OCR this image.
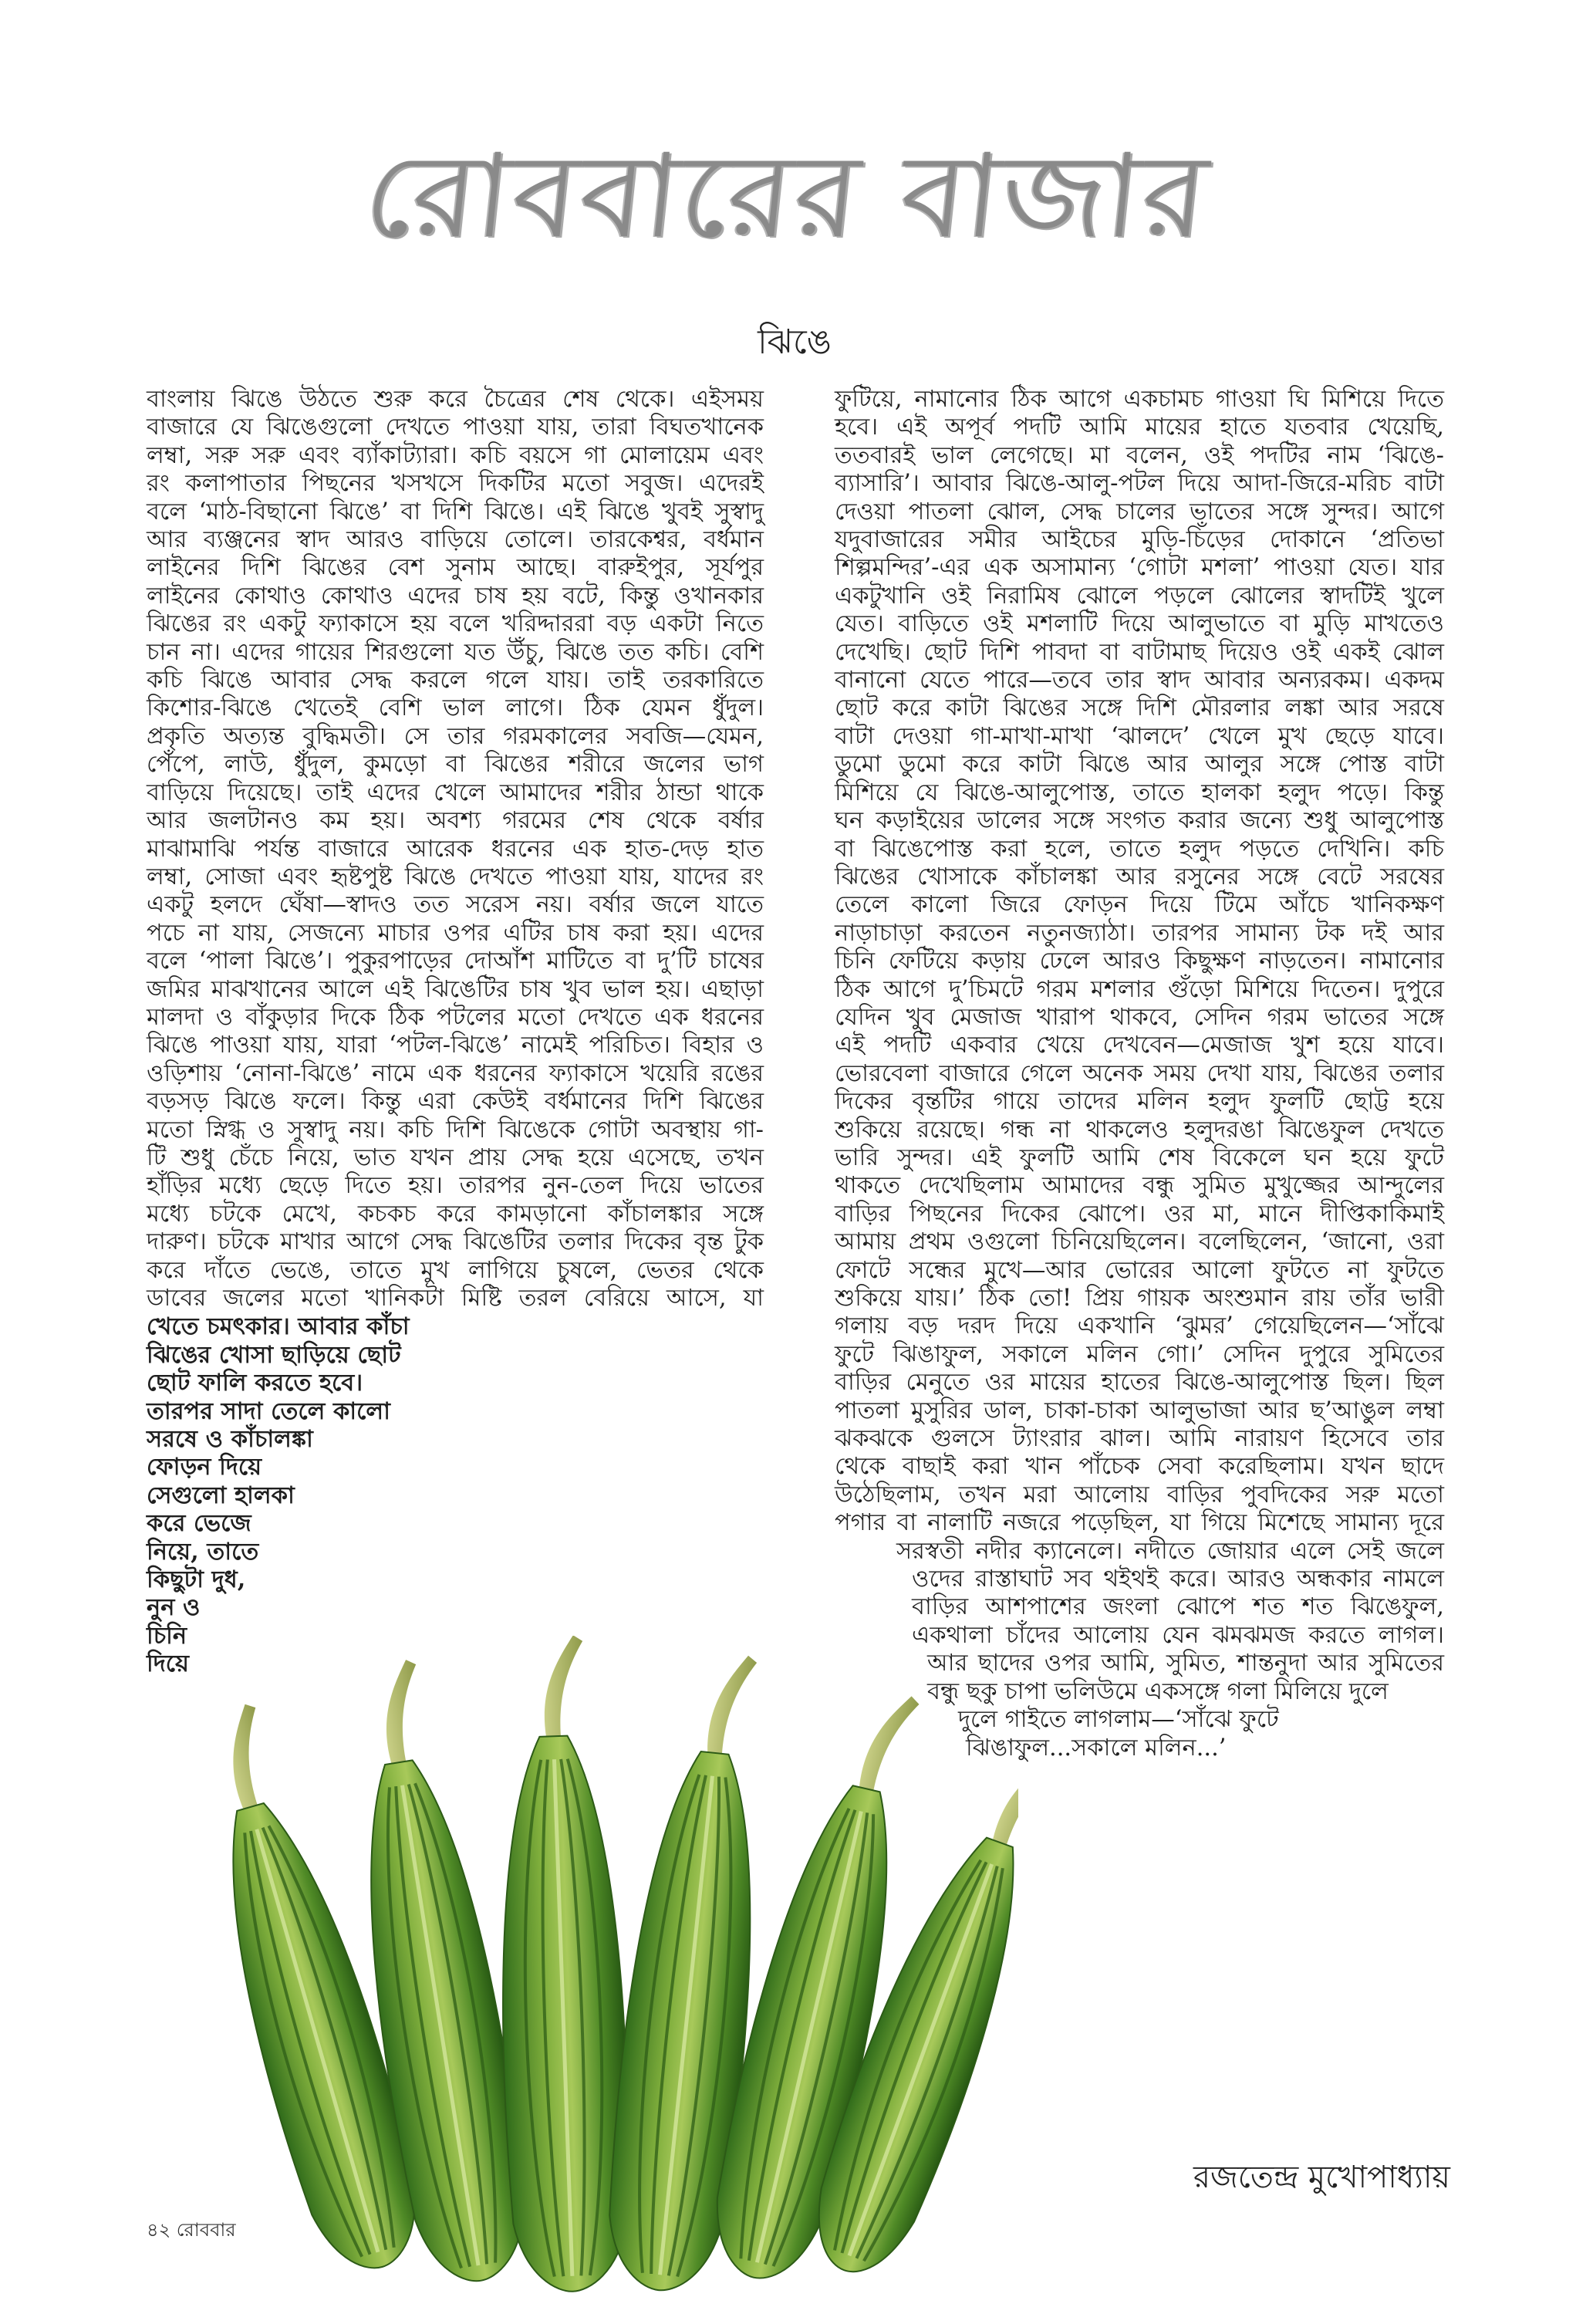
রোববারের বাজার
ঝিঙে

বাংলায় ঝিঙে উঠতে শুরু করে চৈত্রের শেষ থেকে। এইসময়

বাজারে যে ঝিঙেগুলো দেখতে পাওয়া যায়, তারা বিঘতখানেক

লম্বা, সরু সরু এবং ব্যাঁকাট্যারা। কচি বয়সে গা মোলায়েম এবং

রং কলাপাতার পিছনের খসখসে দিকটির মতো সবুজ। এদেরই

বলে ‘মাঠ-বিছানো ঝিঙে’ বা দিশি ঝিঙে। এই ঝিঙে খুবই সুস্বাদু

আর ব্যঞ্জনের স্বাদ আরও বাড়িয়ে তোলে। তারকেশ্বর, বর্ধমান

লাইনের দিশি ঝিঙের বেশ সুনাম আছে। বারুইপুর, সূর্যপুর

লাইনের কোথাও কোথাও এদের চাষ হয় বটে, কিন্তু ওখানকার

ঝিঙের রং একটু ফ্যাকাসে হয় বলে খরিদ্দাররা বড় একটা নিতে

চান না। এদের গায়ের শিরগুলো যত উঁচু, ঝিঙে তত কচি। বেশি

কচি ঝিঙে আবার সেদ্ধ করলে গলে যায়। তাই তরকারিতে

কিশোর-ঝিঙে খেতেই বেশি ভাল লাগে। ঠিক যেমন ধুঁদুল।

প্রকৃতি অত্যন্ত বুদ্ধিমতী। সে তার গরমকালের সবজি—যেমন,

পেঁপে, লাউ, ধুঁদুল, কুমড়ো বা ঝিঙের শরীরে জলের ভাগ

বাড়িয়ে দিয়েছে। তাই এদের খেলে আমাদের শরীর ঠান্ডা থাকে

আর জলটানও কম হয়। অবশ্য গরমের শেষ থেকে বর্ষার

মাঝামাঝি পর্যন্ত বাজারে আরেক ধরনের এক হাত-দেড় হাত

লম্বা, সোজা এবং হৃষ্টপুষ্ট ঝিঙে দেখতে পাওয়া যায়, যাদের রং

একটু হলদে ঘেঁষা—স্বাদও তত সরেস নয়। বর্ষার জলে যাতে

পচে না যায়, সেজন্যে মাচার ওপর এটির চাষ করা হয়। এদের

বলে ‘পালা ঝিঙে’। পুকুরপাড়ের দোআঁশ মাটিতে বা দু’টি চাষের

জমির মাঝখানের আলে এই ঝিঙেটির চাষ খুব ভাল হয়। এছাড়া

মালদা ও বাঁকুড়ার দিকে ঠিক পটলের মতো দেখতে এক ধরনের

ঝিঙে পাওয়া যায়, যারা ‘পটল-ঝিঙে’ নামেই পরিচিত। বিহার ও

ওড়িশায় ‘নোনা-ঝিঙে’ নামে এক ধরনের ফ্যাকাসে খয়েরি রঙের

বড়সড় ঝিঙে ফলে। কিন্তু এরা কেউই বর্ধমানের দিশি ঝিঙের

মতো স্নিগ্ধ ও সুস্বাদু নয়। কচি দিশি ঝিঙেকে গোটা অবস্থায় গা-

টি শুধু চেঁচে নিয়ে, ভাত যখন প্রায় সেদ্ধ হয়ে এসেছে, তখন

হাঁড়ির মধ্যে ছেড়ে দিতে হয়। তারপর নুন-তেল দিয়ে ভাতের

মধ্যে চটকে মেখে, কচকচ করে কামড়ানো কাঁচালঙ্কার সঙ্গে

দারুণ। চটকে মাখার আগে সেদ্ধ ঝিঙেটির তলার দিকের বৃন্ত টুক

করে দাঁতে ভেঙে, তাতে মুখ লাগিয়ে চুষলে, ভেতর থেকে

ডাবের জলের মতো খানিকটা মিষ্টি তরল বেরিয়ে আসে, যা

খেতে চমৎকার। আবার কাঁচা

ঝিঙের খোসা ছাড়িয়ে ছোট

ছোট ফালি করতে হবে।

তারপর সাদা তেলে কালো

সরষে ও কাঁচালঙ্কা

ফোড়ন দিয়ে

সেগুলো হালকা

করে ভেজে

নিয়ে, তাতে

কিছুটা দুধ,

নুন ও

চিনি

দিয়ে

ফুটিয়ে, নামানোর ঠিক আগে একচামচ গাওয়া ঘি মিশিয়ে দিতে

হবে। এই অপূর্ব পদটি আমি মায়ের হাতে যতবার খেয়েছি,

ততবারই ভাল লেগেছে। মা বলেন, ওই পদটির নাম ‘ঝিঙে-

ব্যাসারি’। আবার ঝিঙে-আলু-পটল দিয়ে আদা-জিরে-মরিচ বাটা

দেওয়া পাতলা ঝোল, সেদ্ধ চালের ভাতের সঙ্গে সুন্দর। আগে

যদুবাজারের সমীর আইচের মুড়ি-চিঁড়ের দোকানে ‘প্রতিভা

শিল্পমন্দির’-এর এক অসামান্য ‘গোটা মশলা’ পাওয়া যেত। যার

একটুখানি ওই নিরামিষ ঝোলে পড়লে ঝোলের স্বাদটিই খুলে

যেত। বাড়িতে ওই মশলাটি দিয়ে আলুভাতে বা মুড়ি মাখতেও

দেখেছি। ছোট দিশি পাবদা বা বাটামাছ দিয়েও ওই একই ঝোল

বানানো যেতে পারে—তবে তার স্বাদ আবার অন্যরকম। একদম

ছোট করে কাটা ঝিঙের সঙ্গে দিশি মৌরলার লঙ্কা আর সরষে

বাটা দেওয়া গা-মাখা-মাখা ‘ঝালদে’ খেলে মুখ ছেড়ে যাবে।

ডুমো ডুমো করে কাটা ঝিঙে আর আলুর সঙ্গে পোস্ত বাটা

মিশিয়ে যে ঝিঙে-আলুপোস্ত, তাতে হালকা হলুদ পড়ে। কিন্তু

ঘন কড়াইয়ের ডালের সঙ্গে সংগত করার জন্যে শুধু আলুপোস্ত

বা ঝিঙেপোস্ত করা হলে, তাতে হলুদ পড়তে দেখিনি। কচি

ঝিঙের খোসাকে কাঁচালঙ্কা আর রসুনের সঙ্গে বেটে সরষের

তেলে কালো জিরে ফোড়ন দিয়ে টিমে আঁচে খানিকক্ষণ

নাড়াচাড়া করতেন নতুনজ্যাঠা। তারপর সামান্য টক দই আর

চিনি ফেটিয়ে কড়ায় ঢেলে আরও কিছুক্ষণ নাড়তেন। নামানোর

ঠিক আগে দু’চিমটে গরম মশলার গুঁড়ো মিশিয়ে দিতেন। দুপুরে

যেদিন খুব মেজাজ খারাপ থাকবে, সেদিন গরম ভাতের সঙ্গে

এই পদটি একবার খেয়ে দেখবেন—মেজাজ খুশ হয়ে যাবে।

ভোরবেলা বাজারে গেলে অনেক সময় দেখা যায়, ঝিঙের তলার

দিকের বৃন্তটির গায়ে তাদের মলিন হলুদ ফুলটি ছোট্ট হয়ে

শুকিয়ে রয়েছে। গন্ধ না থাকলেও হলুদরঙা ঝিঙেফুল দেখতে

ভারি সুন্দর। এই ফুলটি আমি শেষ বিকেলে ঘন হয়ে ফুটে

থাকতে দেখেছিলাম আমাদের বন্ধু সুমিত মুখুজ্জের আন্দুলের

বাড়ির পিছনের দিকের ঝোপে। ওর মা, মানে দীপ্তিকাকিমাই

আমায় প্রথম ওগুলো চিনিয়েছিলেন। বলেছিলেন, ‘জানো, ওরা

ফোটে সন্ধের মুখে—আর ভোরের আলো ফুটতে না ফুটতে

শুকিয়ে যায়।’ ঠিক তো! প্রিয় গায়ক অংশুমান রায় তাঁর ভারী

গলায় বড় দরদ দিয়ে একখানি ‘ঝুমর’ গেয়েছিলেন—‘সাঁঝে

ফুটে ঝিঙাফুল, সকালে মলিন গো।’ সেদিন দুপুরে সুমিতের

বাড়ির মেনুতে ওর মায়ের হাতের ঝিঙে-আলুপোস্ত ছিল। ছিল

পাতলা মুসুরির ডাল, চাকা-চাকা আলুভাজা আর ছ’আঙুল লম্বা

ঝকঝকে গুলসে ট্যাংরার ঝাল। আমি নারায়ণ হিসেবে তার

থেকে বাছাই করা খান পাঁচেক সেবা করেছিলাম। যখন ছাদে

উঠেছিলাম, তখন মরা আলোয় বাড়ির পুবদিকের সরু মতো

পগার বা নালাটি নজরে পড়েছিল, যা গিয়ে মিশেছে সামান্য দূরে

সরস্বতী নদীর ক্যানেলে। নদীতে জোয়ার এলে সেই জলে

ওদের রাস্তাঘাট সব থইথই করে। আরও অন্ধকার নামলে

বাড়ির আশপাশের জংলা ঝোপে শত শত ঝিঙেফুল,

একথালা চাঁদের আলোয় যেন ঝমঝমজ করতে লাগল।

আর ছাদের ওপর আমি, সুমিত, শান্তনুদা আর সুমিতের

বন্ধু ছকু চাপা ভলিউমে একসঙ্গে গলা মিলিয়ে দুলে

দুলে গাইতে লাগলাম—‘সাঁঝে ফুটে

ঝিঙাফুল...সকালে মলিন...’

রজতেন্দ্র মুখোপাধ্যায়
৪২ রোববার
